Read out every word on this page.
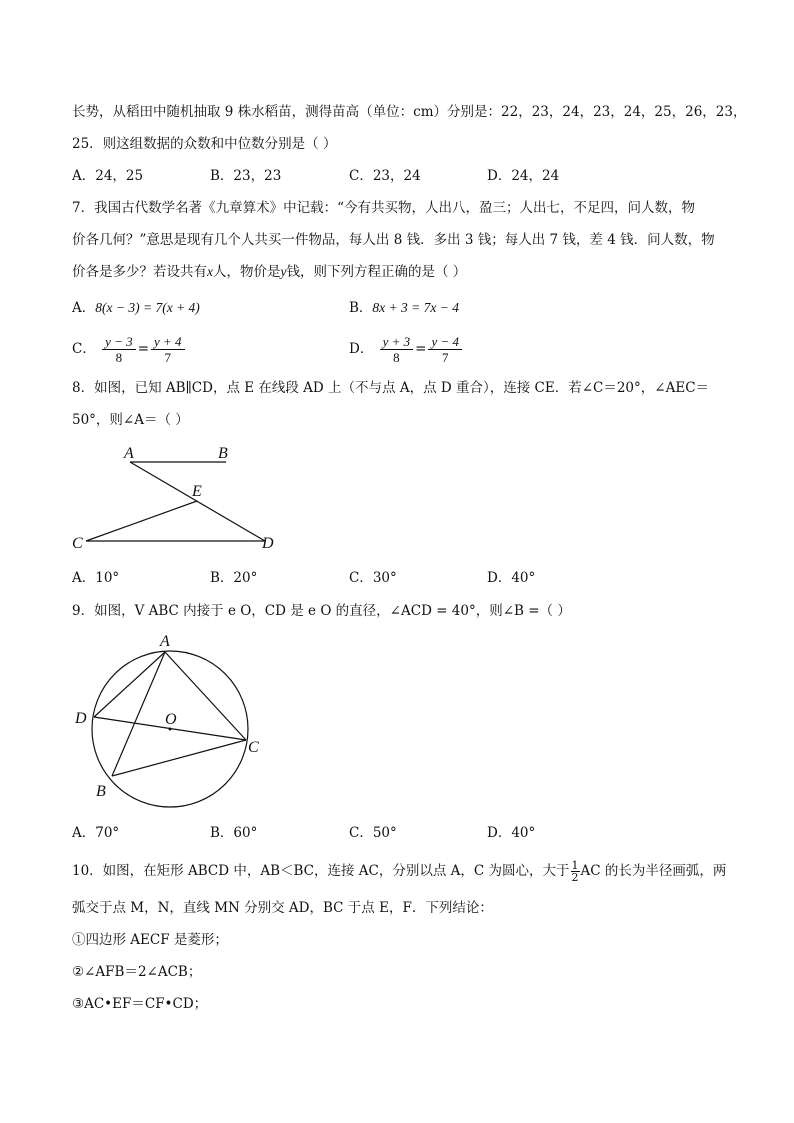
长势，从稻田中随机抽取 9 株水稻苗，测得苗高（单位：cm）分别是：22，23，24，23，24，25，26，23，
25．则这组数据的众数和中位数分别是（ ）
A．24，25	B．23，23	C．23，24	D．24，24
7．我国古代数学名著《九章算术》中记载：“今有共买物，人出八，盈三；人出七，不足四，问人数，物
价各几何？”意思是现有几个人共买一件物品，每人出 8 钱．多出 3 钱；每人出 7 钱，差 4 钱．问人数，物
价各是多少？若设共有x人，物价是y钱，则下列方程正确的是（ ）
A．8(x − 3) = 7(x + 4)	B．8x + 3 = 7x − 4
C． $\frac{y - 3}{8} = \frac{y + 4}{7}$	D． $\frac{y + 3}{8} = \frac{y - 4}{7}$
8．如图，已知 AB∥CD，点 E 在线段 AD 上（不与点 A，点 D 重合），连接 CE．若∠C＝20°，∠AEC＝
50°，则∠A＝（ ）
A	B
E
C	D
A．10°	B．20°	C．30°	D．40°
9．如图，V ABC 内接于 e O，CD 是 e O 的直径，∠ACD = 40°，则∠B =（ ）
A
D	O
C
B
A．70°	B．60°	C．50°	D．40°
10．如图，在矩形 ABCD 中，AB＜BC，连接 AC，分别以点 A，C 为圆心，大于 $\frac{1}{2}$ AC 的长为半径画弧，两
弧交于点 M，N，直线 MN 分别交 AD，BC 于点 E，F．下列结论：
①四边形 AECF 是菱形；
②∠AFB＝2∠ACB；
③AC•EF＝CF•CD；
